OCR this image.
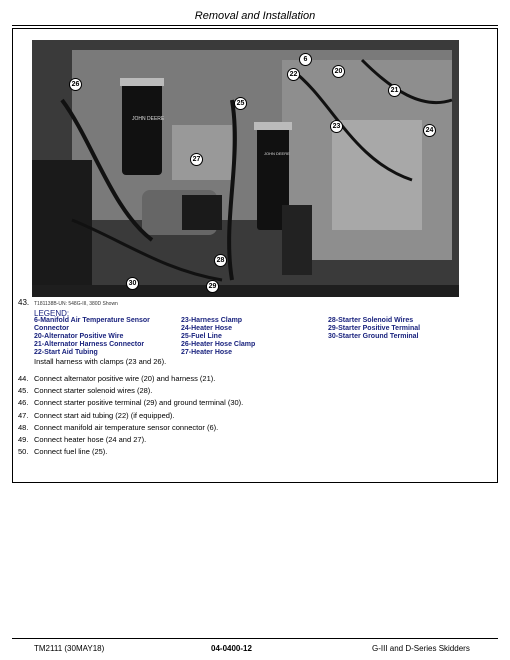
Removal and Installation
JOHN DEERE
JOHN DEERE
6
20
21
22
23
24
25
26
27
28
29
30
43. T181138B-UN: 548G-III, 380D Shown
LEGEND:
6-Manifold Air Temperature Sensor
Connector
20-Alternator Positive Wire
21-Alternator Harness Connector
22-Start Aid Tubing
23-Harness Clamp
24-Heater Hose
25-Fuel Line
26-Heater Hose Clamp
27-Heater Hose
28-Starter Solenoid Wires
29-Starter Positive Terminal
30-Starter Ground Terminal
Install harness with clamps (23 and 26).
44. Connect alternator positive wire (20) and harness (21).
45. Connect starter solenoid wires (28).
46. Connect starter positive terminal (29) and ground terminal (30).
47. Connect start aid tubing (22) (if equipped).
48. Connect manifold air temperature sensor connector (6).
49. Connect heater hose (24 and 27).
50. Connect fuel line (25).
TM2111 (30MAY18)	04-0400-12	G-III and D-Series Skidders
